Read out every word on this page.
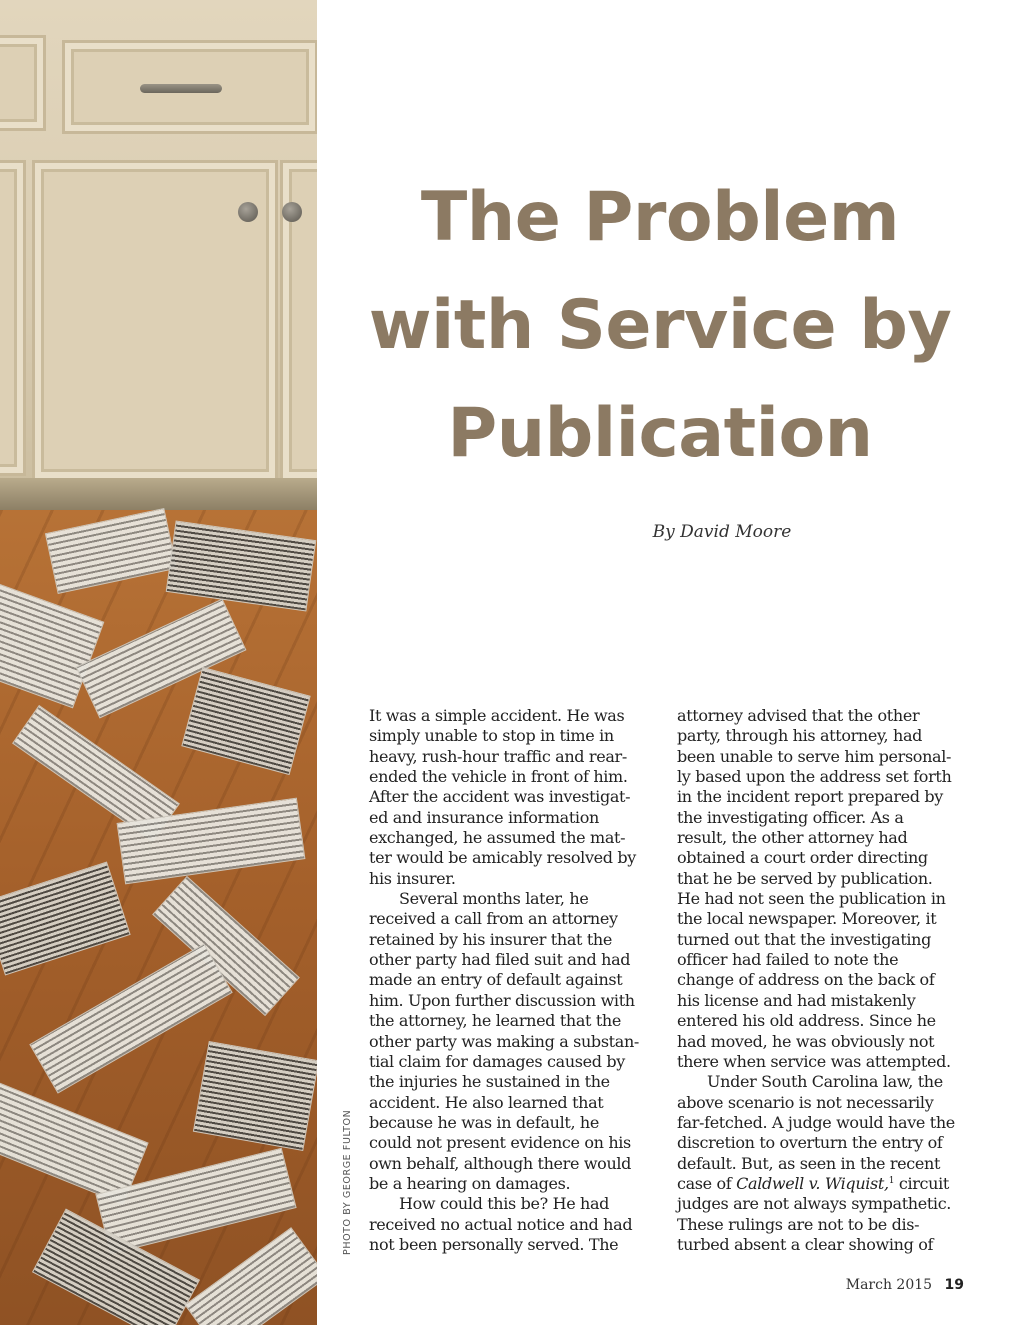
PHOTO BY GEORGE FULTON
The Problem
with Service by
Publication
By David Moore
It was a simple accident. He was
simply unable to stop in time in
heavy, rush-hour traffic and rear-
ended the vehicle in front of him.
After the accident was investigat-
ed and insurance information
exchanged, he assumed the mat-
ter would be amicably resolved by
his insurer.
Several months later, he
received a call from an attorney
retained by his insurer that the
other party had filed suit and had
made an entry of default against
him. Upon further discussion with
the attorney, he learned that the
other party was making a substan-
tial claim for damages caused by
the injuries he sustained in the
accident. He also learned that
because he was in default, he
could not present evidence on his
own behalf, although there would
be a hearing on damages.
How could this be? He had
received no actual notice and had
not been personally served. The
attorney advised that the other
party, through his attorney, had
been unable to serve him personal-
ly based upon the address set forth
in the incident report prepared by
the investigating officer. As a
result, the other attorney had
obtained a court order directing
that he be served by publication.
He had not seen the publication in
the local newspaper. Moreover, it
turned out that the investigating
officer had failed to note the
change of address on the back of
his license and had mistakenly
entered his old address. Since he
had moved, he was obviously not
there when service was attempted.
Under South Carolina law, the
above scenario is not necessarily
far-fetched. A judge would have the
discretion to overturn the entry of
default. But, as seen in the recent
case of Caldwell v. Wiquist,$^1$ circuit
judges are not always sympathetic.
These rulings are not to be dis-
turbed absent a clear showing of
March 2015 19
